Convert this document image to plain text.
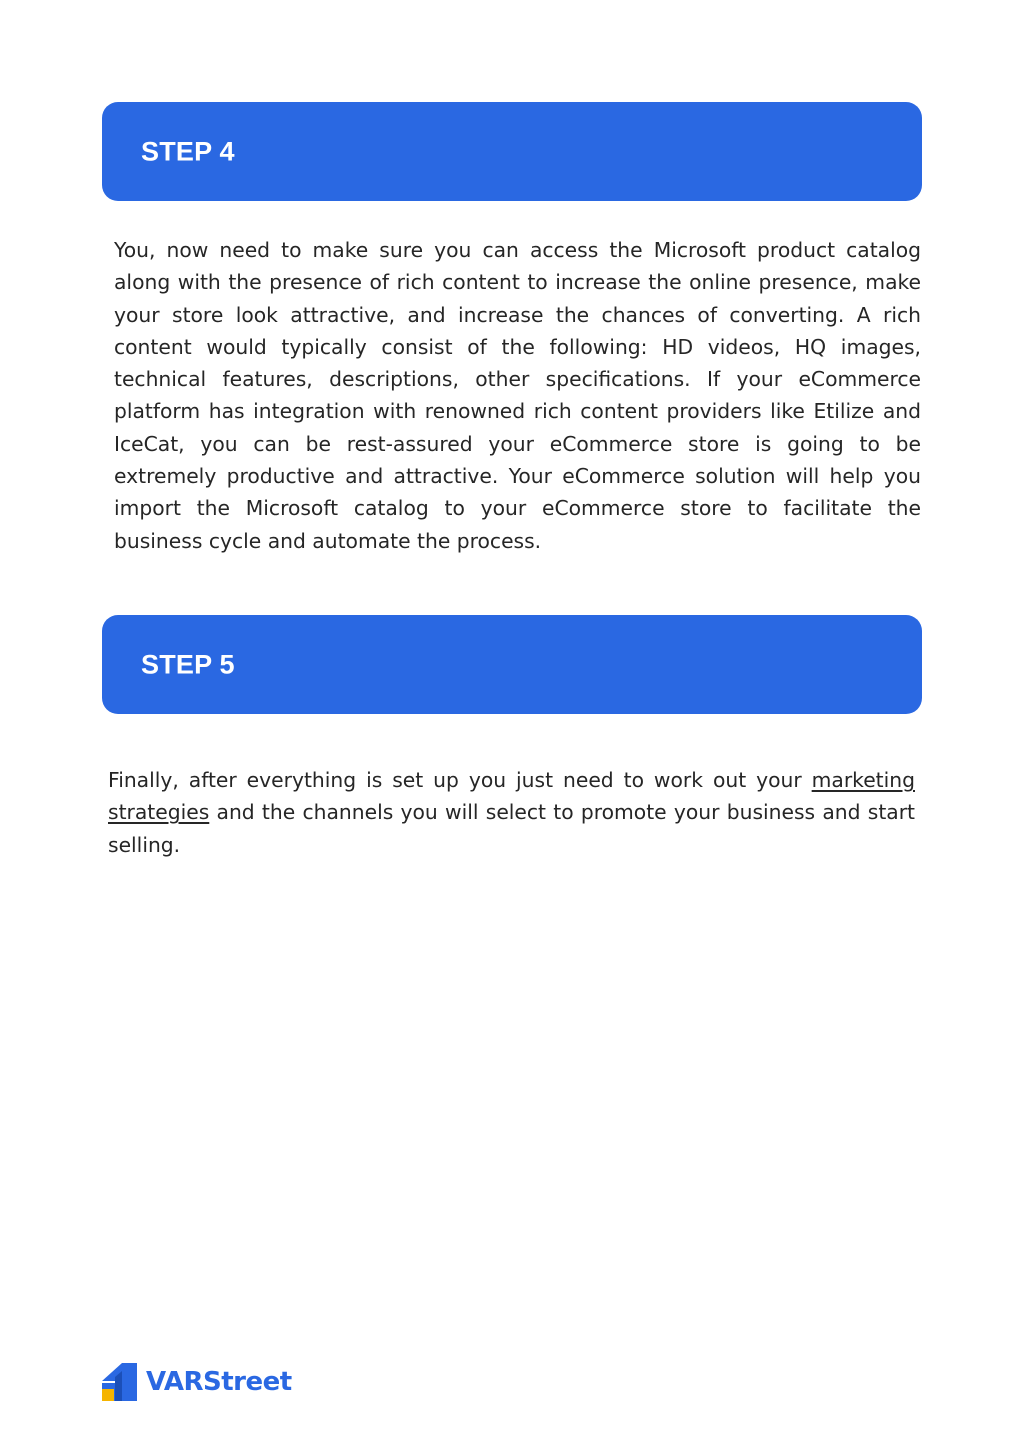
STEP 4

You, now need to make sure you can access the Microsoft product catalog along with the presence of rich content to increase the online presence, make your store look attractive, and increase the chances of converting. A rich content would typically consist of the following: HD videos, HQ images, technical features, descriptions, other specifications. If your eCommerce platform has integration with renowned rich content providers like Etilize and IceCat, you can be rest-assured your eCommerce store is going to be extremely productive and attractive. Your eCommerce solution will help you import the Microsoft catalog to your eCommerce store to facilitate the business cycle and automate the process.

STEP 5

Finally, after everything is set up you just need to work out your marketing strategies and the channels you will select to promote your business and start selling.

VARStreet
